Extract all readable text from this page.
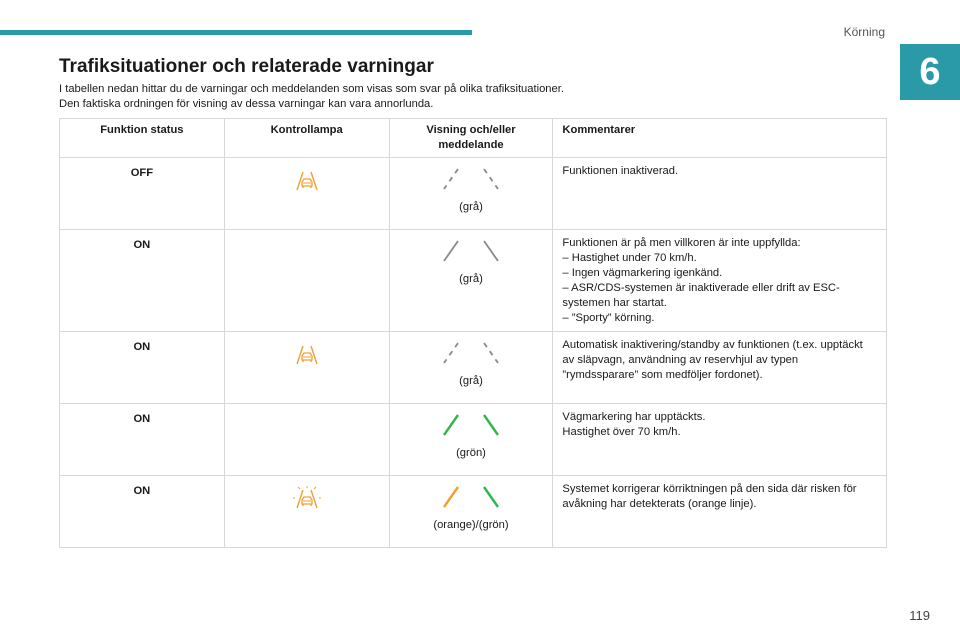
Körning
6
Trafiksituationer och relaterade varningar
I tabellen nedan hittar du de varningar och meddelanden som visas som svar på olika trafiksituationer.
Den faktiska ordningen för visning av dessa varningar kan vara annorlunda.
Funktion status	Kontrollampa	Visning och/eller meddelande	Kommentarer

OFF		(grå)	Funktionen inaktiverad.

ON		(grå)	Funktionen är på men villkoren är inte uppfyllda:
– Hastighet under 70 km/h.
– Ingen vägmarkering igenkänd.
– ASR/CDS-systemen är inaktiverade eller drift av ESC-systemen har startat.
– ”Sporty” körning.

ON		(grå)	Automatisk inaktivering/standby av funktionen (t.ex. upptäckt av släpvagn, användning av reservhjul av typen ”rymdssparare” som medföljer fordonet).

ON		(grön)	Vägmarkering har upptäckts.
Hastighet över 70 km/h.

ON		(orange)/(grön)	Systemet korrigerar körriktningen på den sida där risken för avåkning har detekterats (orange linje).
119
